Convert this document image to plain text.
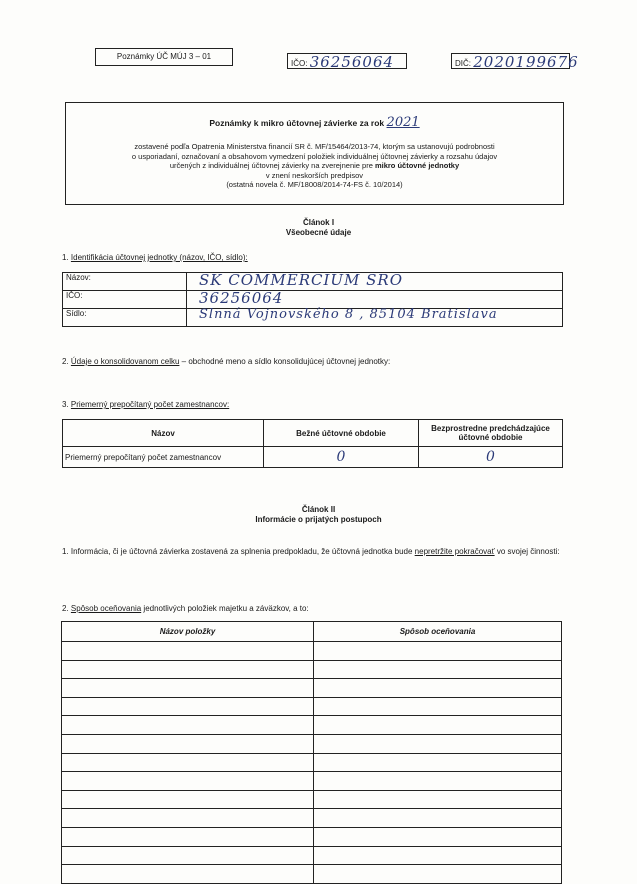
Poznámky ÚČ MÚJ 3 – 01
IČO: 36256064	DIČ: 2020199676
Poznámky k mikro účtovnej závierke za rok 2021
zostavené podľa Opatrenia Ministerstva financií SR č. MF/15464/2013-74, ktorým sa ustanovujú podrobnosti
o usporiadaní, označovaní a obsahovom vymedzení položiek individuálnej účtovnej závierky a rozsahu údajov
určených z individuálnej účtovnej závierky na zverejnenie pre mikro účtovné jednotky
v znení neskorších predpisov
(ostatná novela č. MF/18008/2014-74-FS č. 10/2014)
Článok I
Všeobecné údaje
1. Identifikácia účtovnej jednotky (názov, IČO, sídlo):
Názov:	SK COMMERCIUM SRO

IČO:	36256064

Sídlo:	Slnná Vojnovského 8 , 85104 Bratislava
2. Údaje o konsolidovanom celku – obchodné meno a sídlo konsolidujúcej účtovnej jednotky:
3. Priemerný prepočítaný počet zamestnancov:
Názov	Bežné účtovné obdobie	Bezprostredne predchádzajúce účtovné obdobie
Priemerný prepočítaný počet zamestnancov	0	0
Článok II
Informácie o prijatých postupoch
1. Informácia, či je účtovná závierka zostavená za splnenia predpokladu, že účtovná jednotka bude nepretržite pokračovať vo svojej činnosti:
2. Spôsob oceňovania jednotlivých položiek majetku a záväzkov, a to:
Názov položky	Spôsob oceňovania
